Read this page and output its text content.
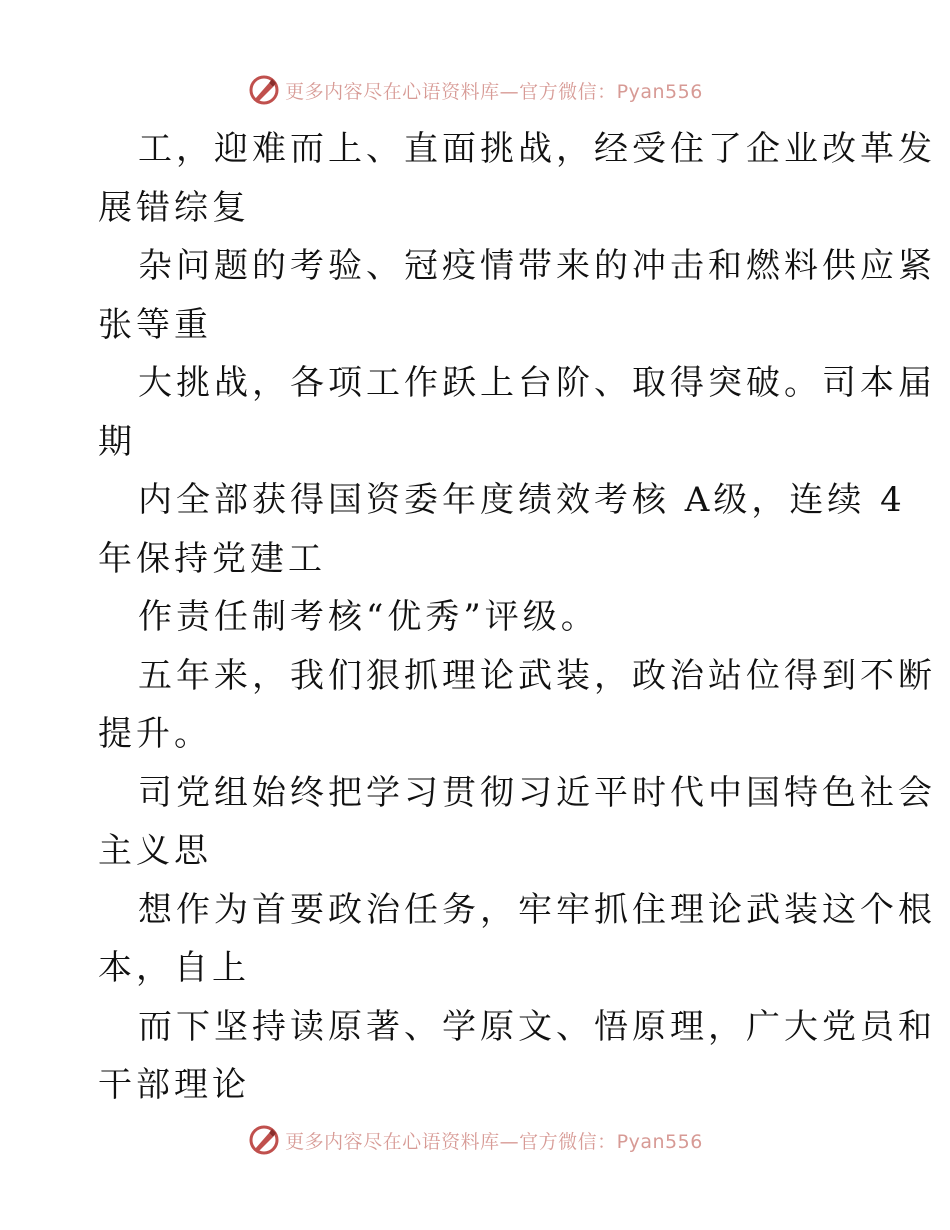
更多内容尽在心语资料库—官方微信：Pyan556
工，迎难而上、直面挑战，经受住了企业改革发
展错综复
杂问题的考验、冠疫情带来的冲击和燃料供应紧
张等重
大挑战，各项工作跃上台阶、取得突破。司本届
期
内全部获得国资委年度绩效考核 A级，连续 4
年保持党建工
作责任制考核“优秀”评级。
五年来，我们狠抓理论武装，政治站位得到不断
提升。
司党组始终把学习贯彻习近平时代中国特色社会
主义思
想作为首要政治任务，牢牢抓住理论武装这个根
本，自上
而下坚持读原著、学原文、悟原理，广大党员和
干部理论
更多内容尽在心语资料库—官方微信：Pyan556
